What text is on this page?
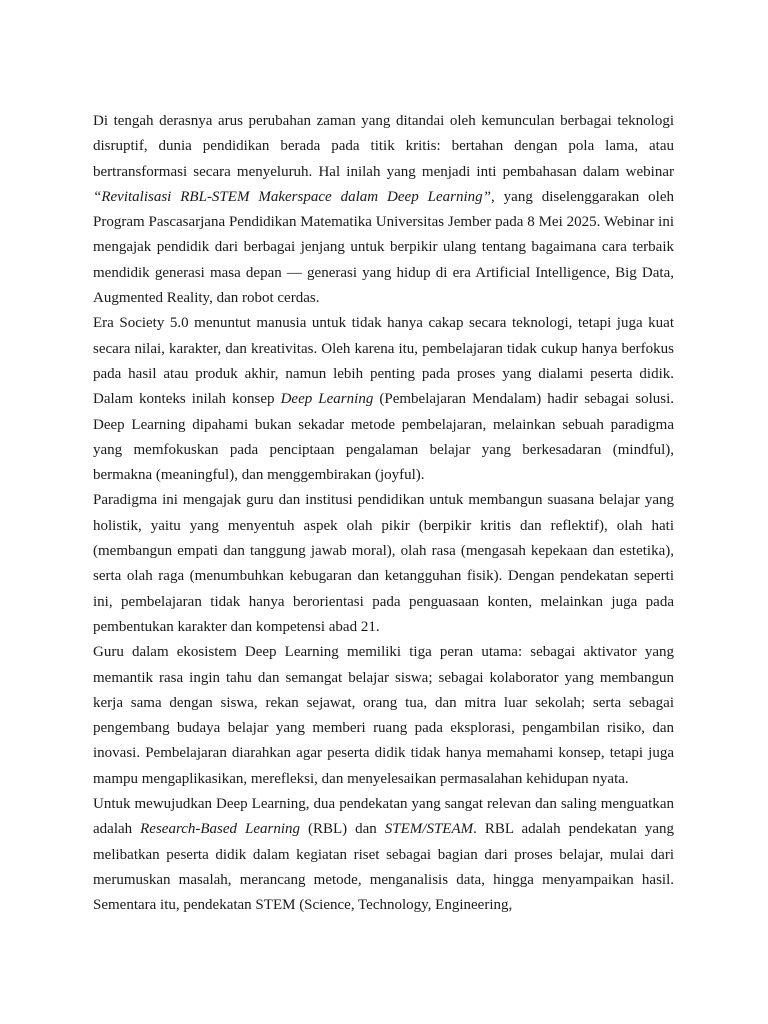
Di tengah derasnya arus perubahan zaman yang ditandai oleh kemunculan berbagai teknologi disruptif, dunia pendidikan berada pada titik kritis: bertahan dengan pola lama, atau bertransformasi secara menyeluruh. Hal inilah yang menjadi inti pembahasan dalam webinar “Revitalisasi RBL-STEM Makerspace dalam Deep Learning”, yang diselenggarakan oleh Program Pascasarjana Pendidikan Matematika Universitas Jember pada 8 Mei 2025. Webinar ini mengajak pendidik dari berbagai jenjang untuk berpikir ulang tentang bagaimana cara terbaik mendidik generasi masa depan — generasi yang hidup di era Artificial Intelligence, Big Data, Augmented Reality, dan robot cerdas.

Era Society 5.0 menuntut manusia untuk tidak hanya cakap secara teknologi, tetapi juga kuat secara nilai, karakter, dan kreativitas. Oleh karena itu, pembelajaran tidak cukup hanya berfokus pada hasil atau produk akhir, namun lebih penting pada proses yang dialami peserta didik. Dalam konteks inilah konsep Deep Learning (Pembelajaran Mendalam) hadir sebagai solusi. Deep Learning dipahami bukan sekadar metode pembelajaran, melainkan sebuah paradigma yang memfokuskan pada penciptaan pengalaman belajar yang berkesadaran (mindful), bermakna (meaningful), dan menggembirakan (joyful).

Paradigma ini mengajak guru dan institusi pendidikan untuk membangun suasana belajar yang holistik, yaitu yang menyentuh aspek olah pikir (berpikir kritis dan reflektif), olah hati (membangun empati dan tanggung jawab moral), olah rasa (mengasah kepekaan dan estetika), serta olah raga (menumbuhkan kebugaran dan ketangguhan fisik). Dengan pendekatan seperti ini, pembelajaran tidak hanya berorientasi pada penguasaan konten, melainkan juga pada pembentukan karakter dan kompetensi abad 21.

Guru dalam ekosistem Deep Learning memiliki tiga peran utama: sebagai aktivator yang memantik rasa ingin tahu dan semangat belajar siswa; sebagai kolaborator yang membangun kerja sama dengan siswa, rekan sejawat, orang tua, dan mitra luar sekolah; serta sebagai pengembang budaya belajar yang memberi ruang pada eksplorasi, pengambilan risiko, dan inovasi. Pembelajaran diarahkan agar peserta didik tidak hanya memahami konsep, tetapi juga mampu mengaplikasikan, merefleksi, dan menyelesaikan permasalahan kehidupan nyata.

Untuk mewujudkan Deep Learning, dua pendekatan yang sangat relevan dan saling menguatkan adalah Research-Based Learning (RBL) dan STEM/STEAM. RBL adalah pendekatan yang melibatkan peserta didik dalam kegiatan riset sebagai bagian dari proses belajar, mulai dari merumuskan masalah, merancang metode, menganalisis data, hingga menyampaikan hasil. Sementara itu, pendekatan STEM (Science, Technology, Engineering,
